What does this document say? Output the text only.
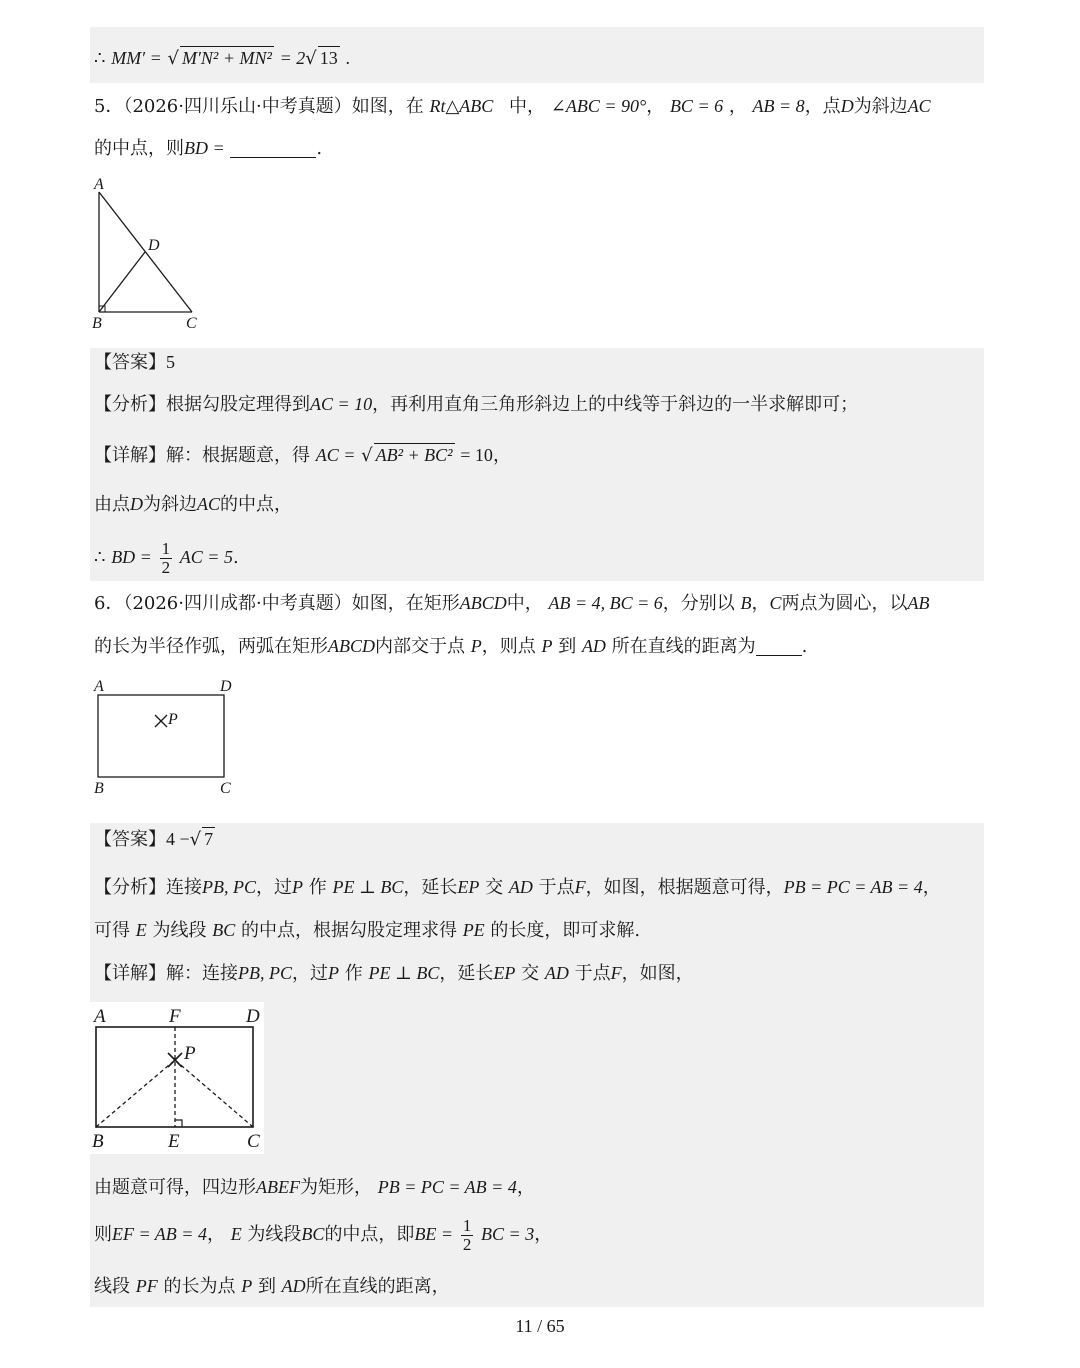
∴ MM′ = √ M′N² + MN² = 2√ 13 .
5．（2026·四川乐山·中考真题）如图，在 Rt△ABC 中， ∠ABC = 90°， BC = 6 ， AB = 8，点D为斜边AC
的中点，则BD =	.
A
D
B	C
【答案】5
【分析】根据勾股定理得到AC = 10，再利用直角三角形斜边上的中线等于斜边的一半求解即可；
【详解】解：根据题意，得 AC = √ AB² + BC² = 10，
由点D为斜边AC的中点，
∴ BD = $\frac{1}{2}$ AC = 5.
6．（2026·四川成都·中考真题）如图，在矩形ABCD中， AB = 4, BC = 6，分别以 B，C两点为圆心，以AB
的长为半径作弧，两弧在矩形ABCD内部交于点 P，则点 P 到 AD 所在直线的距离为	.
A	D
P
B	C
【答案】4 −√ 7
【分析】连接PB, PC，过P 作 PE ⊥ BC，延长EP 交 AD 于点F，如图，根据题意可得，PB = PC = AB = 4，
可得 E 为线段 BC 的中点，根据勾股定理求得 PE 的长度，即可求解.
【详解】解：连接PB, PC，过P 作 PE ⊥ BC，延长EP 交 AD 于点F，如图，
A	F	D
P
B	E	C
由题意可得，四边形ABEF为矩形， PB = PC = AB = 4，
则EF = AB = 4， E 为线段BC的中点，即BE = $\frac{1}{2}$ BC = 3，
线段 PF 的长为点 P 到 AD所在直线的距离，
11 / 65
